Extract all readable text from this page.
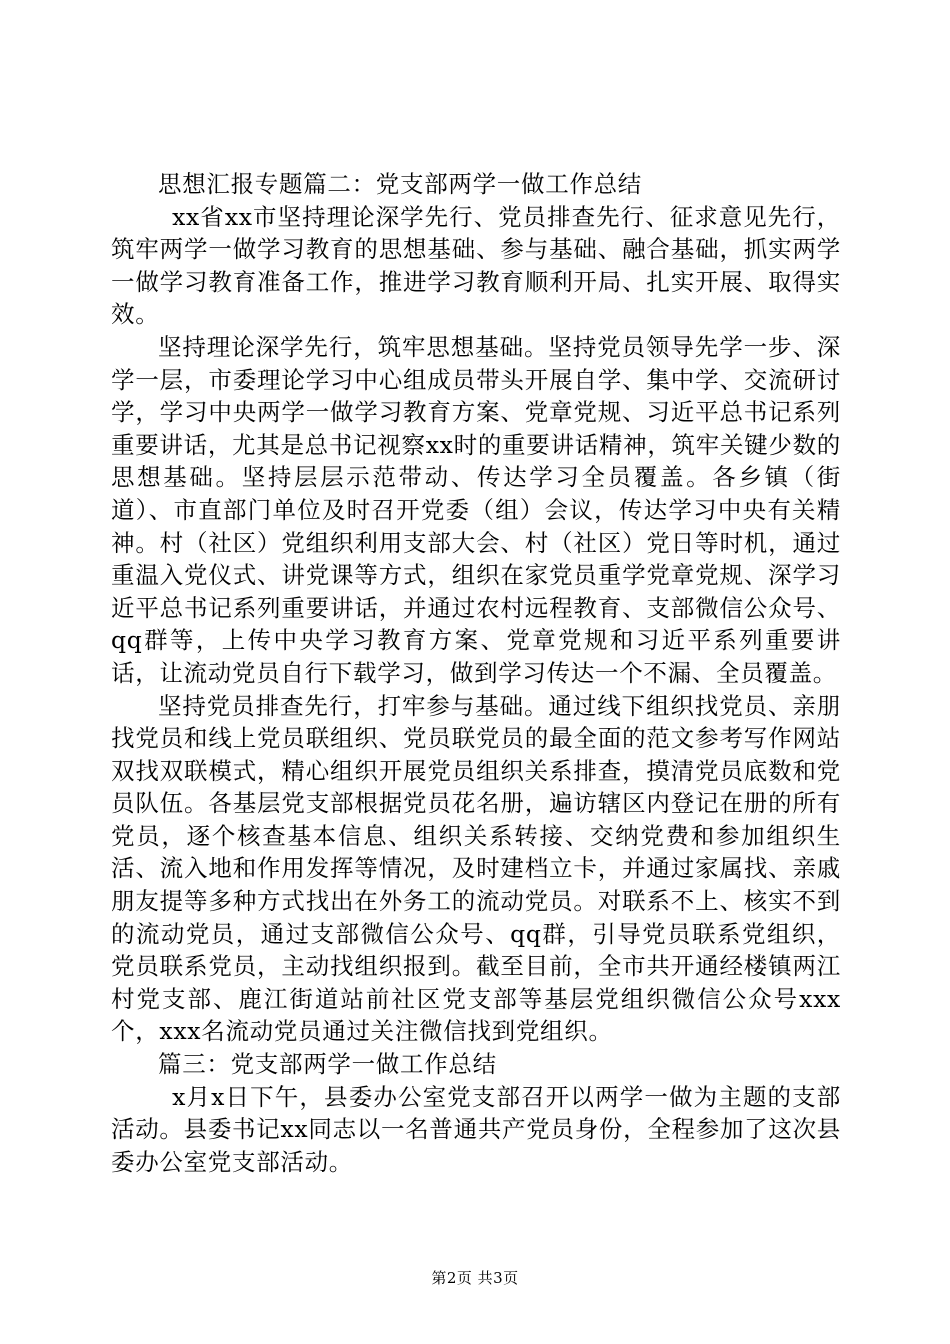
思想汇报专题篇二：党支部两学一做工作总结

xx省xx市坚持理论深学先行、党员排查先行、征求意见先行，筑牢两学一做学习教育的思想基础、参与基础、融合基础，抓实两学一做学习教育准备工作，推进学习教育顺利开局、扎实开展、取得实效。

坚持理论深学先行，筑牢思想基础。坚持党员领导先学一步、深学一层，市委理论学习中心组成员带头开展自学、集中学、交流研讨学，学习中央两学一做学习教育方案、党章党规、习近平总书记系列重要讲话，尤其是总书记视察xx时的重要讲话精神，筑牢关键少数的思想基础。坚持层层示范带动、传达学习全员覆盖。各乡镇（街道）、市直部门单位及时召开党委（组）会议，传达学习中央有关精神。村（社区）党组织利用支部大会、村（社区）党日等时机，通过重温入党仪式、讲党课等方式，组织在家党员重学党章党规、深学习近平总书记系列重要讲话，并通过农村远程教育、支部微信公众号、qq群等，上传中央学习教育方案、党章党规和习近平系列重要讲话，让流动党员自行下载学习，做到学习传达一个不漏、全员覆盖。

坚持党员排查先行，打牢参与基础。通过线下组织找党员、亲朋找党员和线上党员联组织、党员联党员的最全面的范文参考写作网站双找双联模式，精心组织开展党员组织关系排查，摸清党员底数和党员队伍。各基层党支部根据党员花名册，遍访辖区内登记在册的所有党员，逐个核查基本信息、组织关系转接、交纳党费和参加组织生活、流入地和作用发挥等情况，及时建档立卡，并通过家属找、亲戚朋友提等多种方式找出在外务工的流动党员。对联系不上、核实不到的流动党员，通过支部微信公众号、qq群，引导党员联系党组织，党员联系党员，主动找组织报到。截至目前，全市共开通经楼镇两江村党支部、鹿江街道站前社区党支部等基层党组织微信公众号xxx个，xxx名流动党员通过关注微信找到党组织。

篇三：党支部两学一做工作总结

x月x日下午，县委办公室党支部召开以两学一做为主题的支部活动。县委书记xx同志以一名普通共产党员身份，全程参加了这次县委办公室党支部活动。

第2页 共3页
